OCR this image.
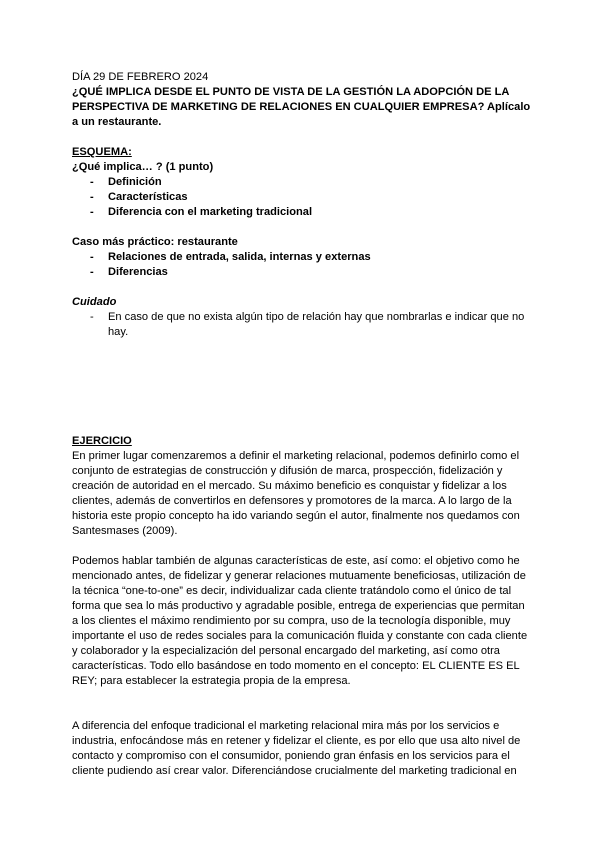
DÍA 29 DE FEBRERO 2024

¿QUÉ IMPLICA DESDE EL PUNTO DE VISTA DE LA GESTIÓN LA ADOPCIÓN DE LA PERSPECTIVA DE MARKETING DE RELACIONES EN CUALQUIER EMPRESA? Aplícalo a un restaurante.

ESQUEMA:

¿Qué implica… ? (1 punto)

- Definición
- Características
- Diferencia con el marketing tradicional

Caso más práctico: restaurante

- Relaciones de entrada, salida, internas y externas
- Diferencias

Cuidado

- En caso de que no exista algún tipo de relación hay que nombrarlas e indicar que no hay.

EJERCICIO

En primer lugar comenzaremos a definir el marketing relacional, podemos definirlo como el conjunto de estrategias de construcción y difusión de marca, prospección, fidelización y creación de autoridad en el mercado. Su máximo beneficio es conquistar y fidelizar a los clientes, además de convertirlos en defensores y promotores de la marca. A lo largo de la historia este propio concepto ha ido variando según el autor, finalmente nos quedamos con Santesmases (2009).

Podemos hablar también de algunas características de este, así como: el objetivo como he mencionado antes, de fidelizar y generar relaciones mutuamente beneficiosas, utilización de la técnica “one-to-one” es decir, individualizar cada cliente tratándolo como el único de tal forma que sea lo más productivo y agradable posible, entrega de experiencias que permitan a los clientes el máximo rendimiento por su compra, uso de la tecnología disponible, muy importante el uso de redes sociales para la comunicación fluida y constante con cada cliente y colaborador y la especialización del personal encargado del marketing, así como otra características. Todo ello basándose en todo momento en el concepto: EL CLIENTE ES EL REY; para establecer la estrategia propia de la empresa.

A diferencia del enfoque tradicional el marketing relacional mira más por los servicios e industria, enfocándose más en retener y fidelizar el cliente, es por ello que usa alto nivel de contacto y compromiso con el consumidor, poniendo gran énfasis en los servicios para el cliente pudiendo así crear valor. Diferenciándose crucialmente del marketing tradicional en
